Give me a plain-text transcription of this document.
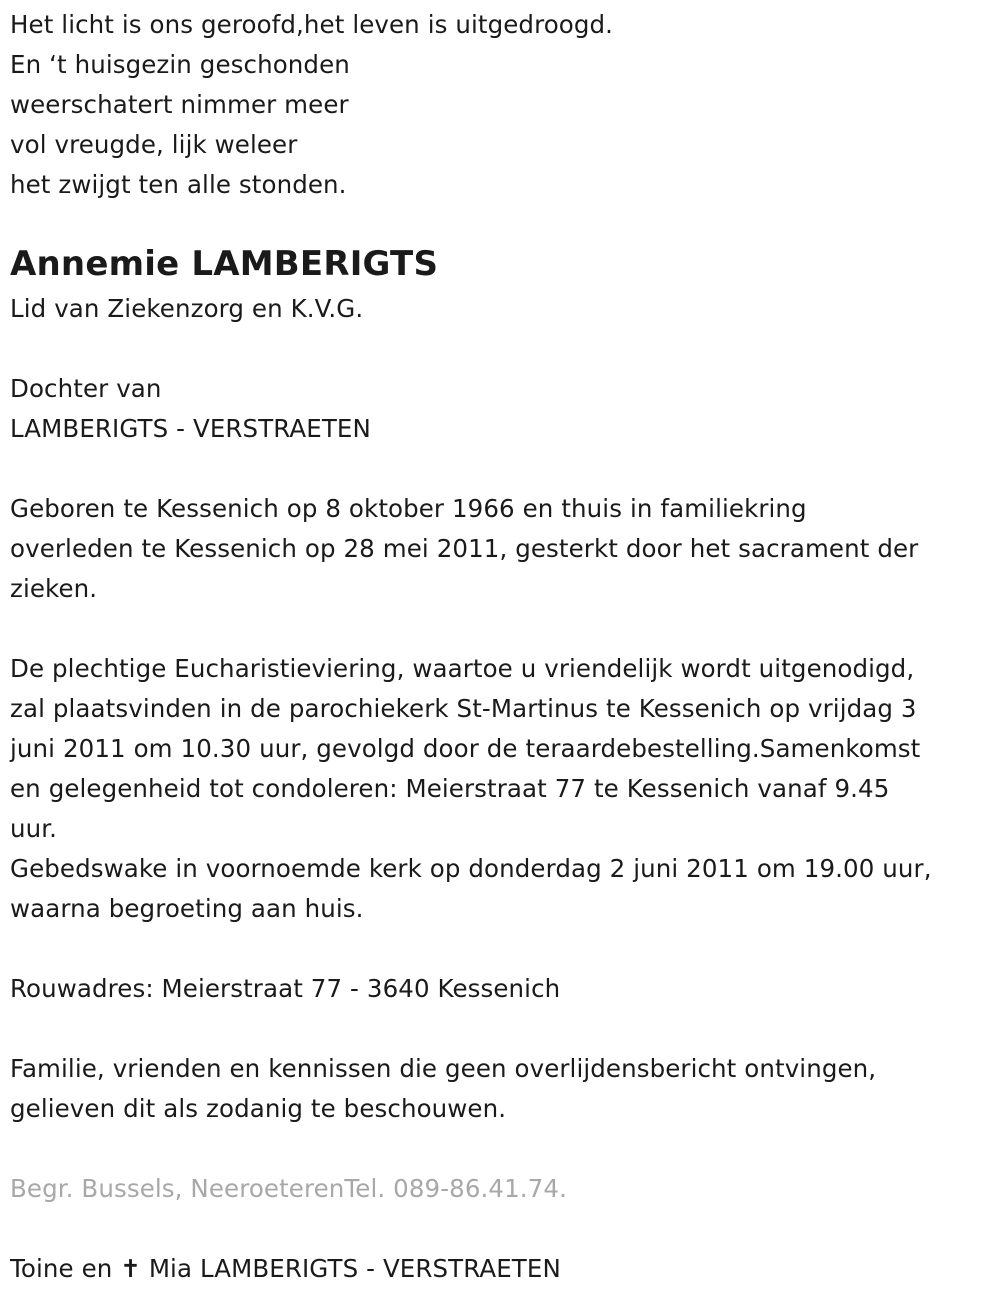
Het licht is ons geroofd,het leven is uitgedroogd.
En ‘t huisgezin geschonden
weerschatert nimmer meer
vol vreugde, lijk weleer
het zwijgt ten alle stonden.
Annemie LAMBERIGTS
Lid van Ziekenzorg en K.V.G.
Dochter van
LAMBERIGTS - VERSTRAETEN
Geboren te Kessenich op 8 oktober 1966 en thuis in familiekring
overleden te Kessenich op 28 mei 2011, gesterkt door het sacrament der
zieken.
De plechtige Eucharistieviering, waartoe u vriendelijk wordt uitgenodigd,
zal plaatsvinden in de parochiekerk St-Martinus te Kessenich op vrijdag 3
juni 2011 om 10.30 uur, gevolgd door de teraardebestelling.Samenkomst
en gelegenheid tot condoleren: Meierstraat 77 te Kessenich vanaf 9.45
uur.
Gebedswake in voornoemde kerk op donderdag 2 juni 2011 om 19.00 uur,
waarna begroeting aan huis.
Rouwadres: Meierstraat 77 - 3640 Kessenich
Familie, vrienden en kennissen die geen overlijdensbericht ontvingen,
gelieven dit als zodanig te beschouwen.
Begr. Bussels, NeeroeterenTel. 089-86.41.74.
Toine en ✝ Mia LAMBERIGTS - VERSTRAETEN
